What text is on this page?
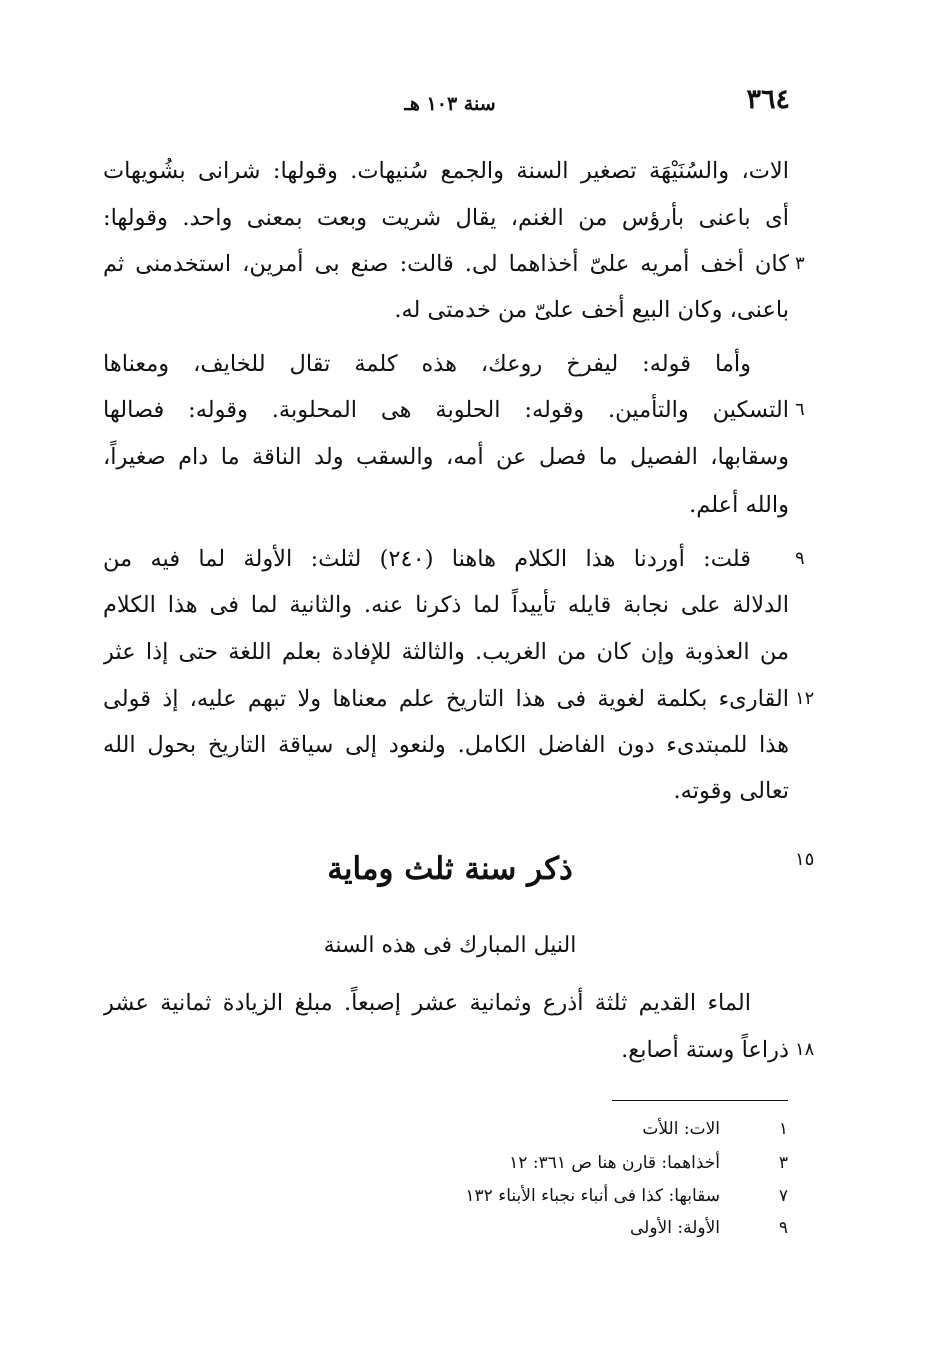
٣٦٤
سنة ١٠٣ هـ
الات، والسُنَيْهَة تصغير السنة والجمع سُنيهات. وقولها: شرانى بشُويهات
أى باعنى بأرؤس من الغنم، يقال شريت وبعت بمعنى واحد. وقولها:
كان أخف أمريه علىّ أخذاهما لى. قالت: صنع بى أمرين، استخدمنى ثم ٣
باعنى، وكان البيع أخف علىّ من خدمتى له.
وأما قوله: ليفرخ روعك، هذه كلمة تقال للخايف، ومعناها
التسكين والتأمين. وقوله: الحلوبة هى المحلوبة. وقوله: فصالها ٦
وسقابها، الفصيل ما فصل عن أمه، والسقب ولد الناقة ما دام صغيراً،
والله أعلم.
قلت: أوردنا هذا الكلام هاهنا (٢٤٠) لثلث: الأولة لما فيه من	٩
الدلالة على نجابة قايله تأييداً لما ذكرنا عنه. والثانية لما فى هذا الكلام
من العذوبة وإن كان من الغريب. والثالثة للإفادة بعلم اللغة حتى إذا عثر
القارىء بكلمة لغوية فى هذا التاريخ علم معناها ولا تبهم عليه، إذ قولى ١٢
هذا للمبتدىء دون الفاضل الكامل. ولنعود إلى سياقة التاريخ بحول الله
تعالى وقوته.
١٥
ذكر سنة ثلث وماية
النيل المبارك فى هذه السنة
الماء القديم ثلثة أذرع وثمانية عشر إصبعاً. مبلغ الزيادة ثمانية عشر
ذراعاً وستة أصابع. ١٨
١
الات: اللأت
٣
أخذاهما: قارن هنا ص ٣٦١: ١٢
٧
سقابها: كذا فى أنباء نجباء الأبناء ١٣٢
٩
الأولة: الأولى
